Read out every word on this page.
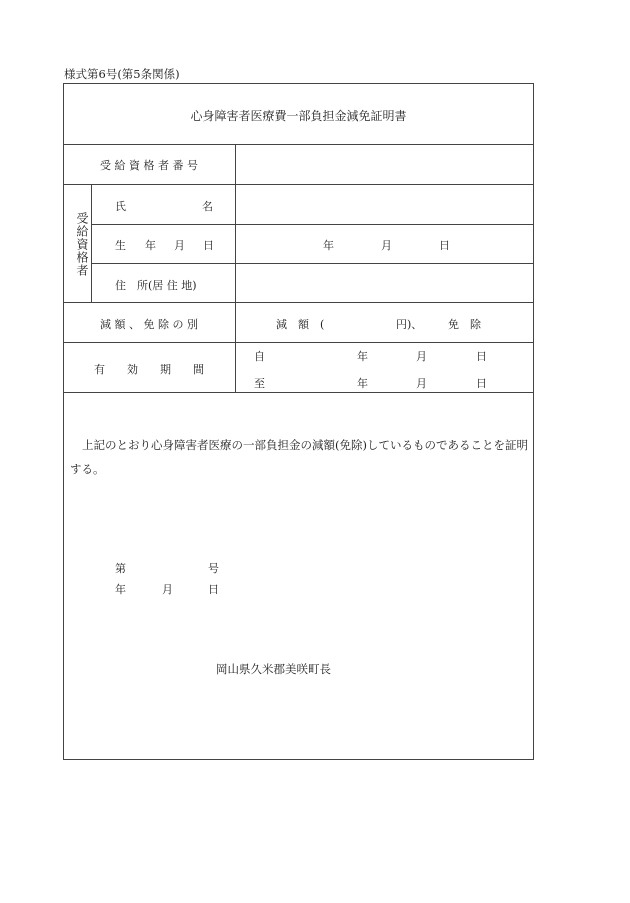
様式第6号(第5条関係)
心身障害者医療費一部負担金減免証明書
受 給 資 格 者 番 号
受給資格者
氏	名
生 年 月 日	年	月	日
住　所(居 住 地)
減 額 、 免 除 の 別	減　額　(	円)、 免　除
有　　効　　期　　間
自	年	月	日
至	年	月	日
上記のとおり心身障害者医療の一部負担金の減額(免除)しているものであることを証明する。
第	号
年	月	日
岡山県久米郡美咲町長
